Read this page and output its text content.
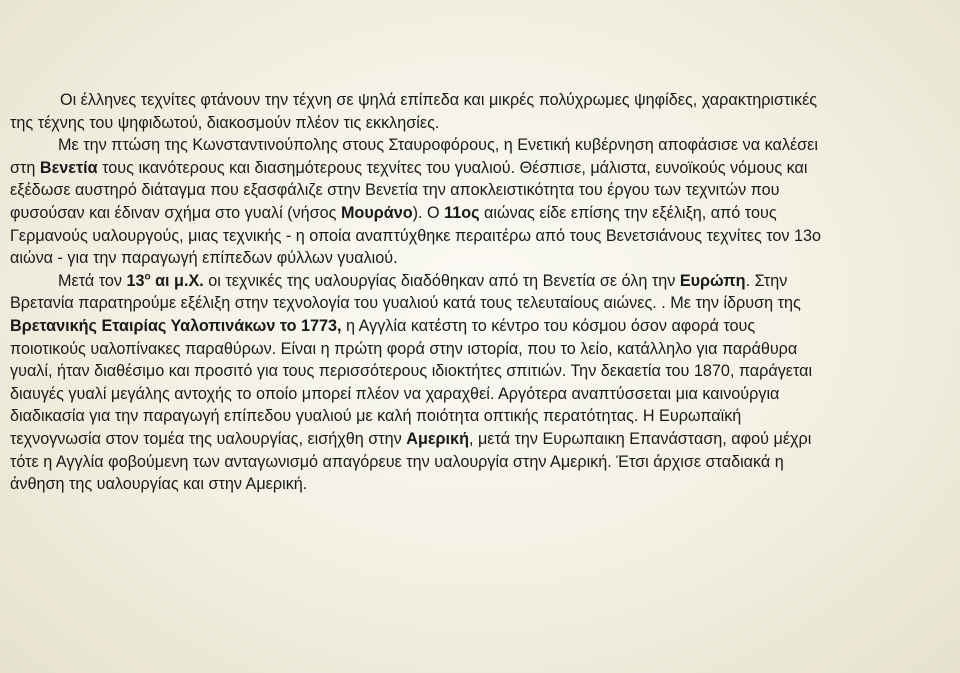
Οι έλληνες τεχνίτες φτάνουν την τέχνη σε ψηλά επίπεδα και μικρές πολύχρωμες ψηφίδες, χαρακτηριστικές
της τέχνης του ψηφιδωτού, διακοσμούν πλέον τις εκκλησίες.
Με την πτώση της Κωνσταντινούπολης στους Σταυροφόρους, η Ενετική κυβέρνηση αποφάσισε να καλέσει
στη Βενετία τους ικανότερους και διασημότερους τεχνίτες του γυαλιού. Θέσπισε, μάλιστα, ευνοϊκούς νόμους και
εξέδωσε αυστηρό διάταγμα που εξασφάλιζε στην Βενετία την αποκλειστικότητα του έργου των τεχνιτών που
φυσούσαν και έδιναν σχήμα στο γυαλί (νήσος Μουράνο). Ο 11ος αιώνας είδε επίσης την εξέλιξη, από τους
Γερμανούς υαλουργούς, μιας τεχνικής - η οποία αναπτύχθηκε περαιτέρω από τους Βενετσιάνους τεχνίτες τον 13ο
αιώνα - για την παραγωγή επίπεδων φύλλων γυαλιού.
Μετά τον $13^o$ αι μ.Χ. οι τεχνικές της υαλουργίας διαδόθηκαν από τη Βενετία σε όλη την Ευρώπη. Στην
Βρετανία παρατηρούμε εξέλιξη στην τεχνολογία του γυαλιού κατά τους τελευταίους αιώνες. . Με την ίδρυση της
Βρετανικής Εταιρίας Υαλοπινάκων το 1773, η Αγγλία κατέστη το κέντρο του κόσμου όσον αφορά τους
ποιοτικούς υαλοπίνακες παραθύρων. Είναι η πρώτη φορά στην ιστορία, που το λείο, κατάλληλο για παράθυρα
γυαλί, ήταν διαθέσιμο και προσιτό για τους περισσότερους ιδιοκτήτες σπιτιών. Την δεκαετία του 1870, παράγεται
διαυγές γυαλί μεγάλης αντοχής το οποίο μπορεί πλέον να χαραχθεί. Αργότερα αναπτύσσεται μια καινούργια
διαδικασία για την παραγωγή επίπεδου γυαλιού με καλή ποιότητα οπτικής περατότητας. Η Ευρωπαϊκή
τεχνογνωσία στον τομέα της υαλουργίας, εισήχθη στην Αμερική, μετά την Ευρωπαικη Επανάσταση, αφού μέχρι
τότε η Αγγλία φοβούμενη των ανταγωνισμό απαγόρευε την υαλουργία στην Αμερική. Έτσι άρχισε σταδιακά η
άνθηση της υαλουργίας και στην Αμερική.
